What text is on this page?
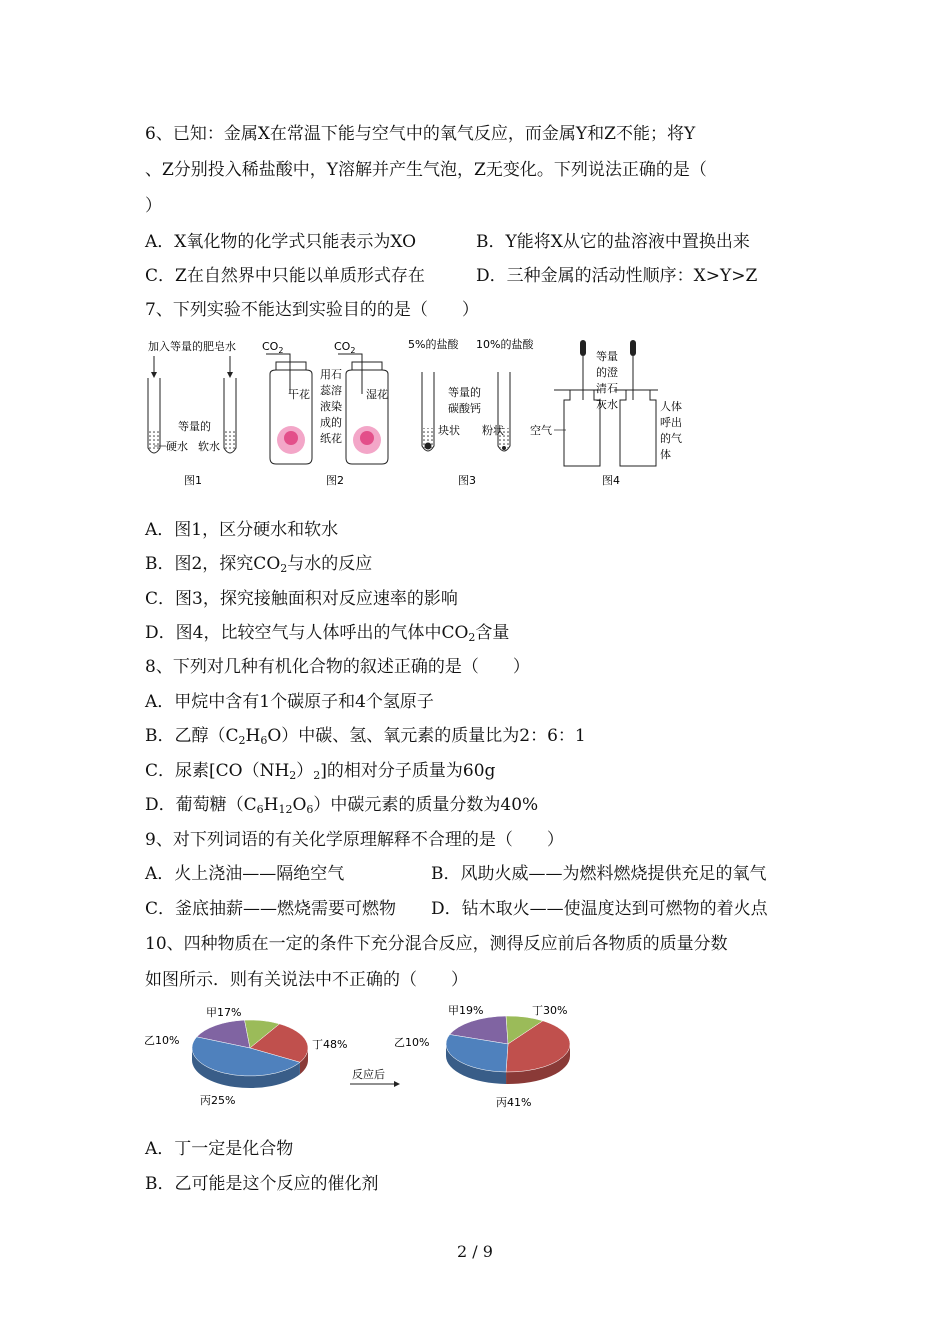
6、已知：金属X在常温下能与空气中的氧气反应，而金属Y和Z不能；将Y
、Z分别投入稀盐酸中，Y溶解并产生气泡，Z无变化。下列说法正确的是（
）
A．X氧化物的化学式只能表示为XO	B．Y能将X从它的盐溶液中置换出来
C．Z在自然界中只能以单质形式存在	D．三种金属的活动性顺序：X>Y>Z
7、下列实验不能达到实验目的的是（　　）
加入等量的肥皂水
等量的
硬水 软水
图1
$CO_2$	$CO_2$
干花	湿花
用石
蕊溶
液染
成的
纸花
图2
5%的盐酸 10%的盐酸
等量的
碳酸钙
块状 粉状
图3
等量
的澄
清石
灰水
空气
人体
呼出
的气
体
图4
A．图1，区分硬水和软水
B．图2，探究$CO_2$与水的反应
C．图3，探究接触面积对反应速率的影响
D．图4，比较空气与人体呼出的气体中$CO_2$含量
8、下列对几种有机化合物的叙述正确的是（　　）
A．甲烷中含有1个碳原子和4个氢原子
B．乙醇$(C_2H_6O)$中碳、氢、氧元素的质量比为2：6：1
C．尿素$[CO(NH_2)_2]$的相对分子质量为60g
D．葡萄糖$(C_6H_{12}O_6)$中碳元素的质量分数为40%
9、对下列词语的有关化学原理解释不合理的是（　　）
A．火上浇油——隔绝空气	B．风助火威——为燃料燃烧提供充足的氧气
C．釜底抽薪——燃烧需要可燃物 D．钻木取火——使温度达到可燃物的着火点
10、四种物质在一定的条件下充分混合反应，测得反应前后各物质的质量分数
如图所示．则有关说法中不正确的（　　）
甲17%
乙10%
丙25%
丁48%
甲19%
乙10%
丙41%
丁30%
反应后
A．丁一定是化合物
B．乙可能是这个反应的催化剂
2 / 9
